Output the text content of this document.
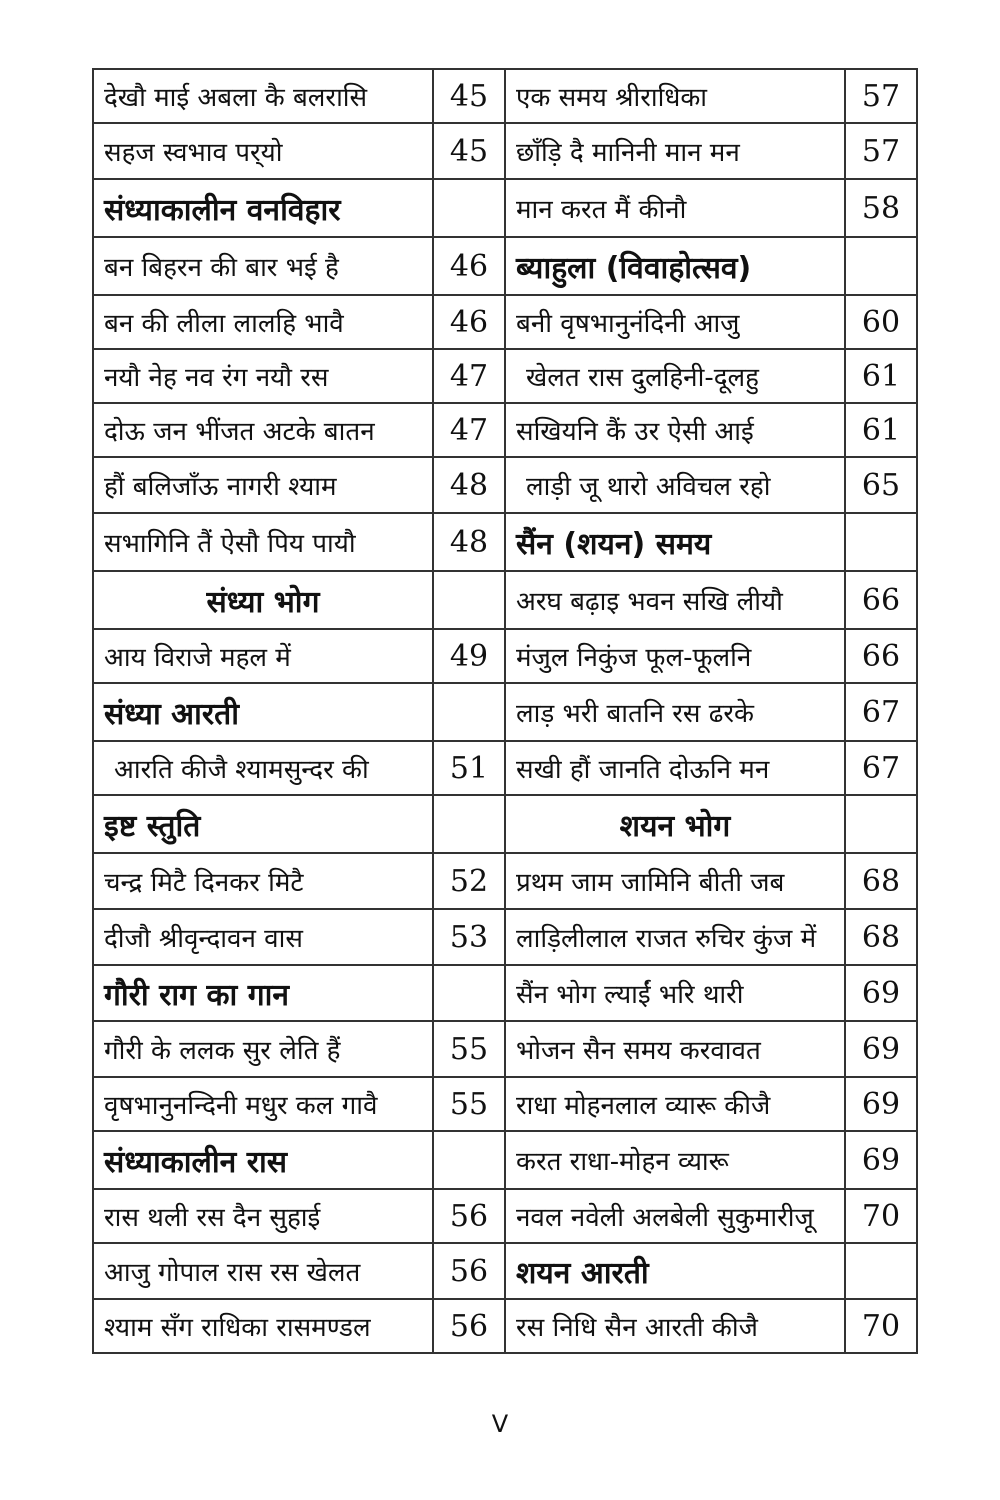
देखौ माई अबला कै बलरासि	45	एक समय श्रीराधिका	57
सहज स्वभाव पर्‌यो	45	छाँड़ि दै मानिनी मान मन	57
संध्याकालीन वनविहार		मान करत मैं कीनौ	58
बन बिहरन की बार भई है	46	ब्याहुला (विवाहोत्सव)	
बन की लीला लालहि भावै	46	बनी वृषभानुनंदिनी आजु	60
नयौ नेह नव रंग नयौ रस	47	खेलत रास दुलहिनी-दूलहु	61
दोऊ जन भींजत अटके बातन	47	सखियनि कैं उर ऐसी आई	61
हौं बलिजाँऊ नागरी श्याम	48	लाड़ी जू थारो अविचल रहो	65
सभागिनि तैं ऐसौ पिय पायौ	48	सैंन (शयन) समय	
संध्या भोग		अरघ बढ़ाइ भवन सखि लीयौ	66
आय विराजे महल में	49	मंजुल निकुंज फूल-फूलनि	66
संध्या आरती		लाड़ भरी बातनि रस ढरके	67
आरति कीजै श्यामसुन्दर की	51	सखी हौं जानति दोऊनि मन	67
इष्ट स्तुति		शयन भोग	
चन्द्र मिटै दिनकर मिटै	52	प्रथम जाम जामिनि बीती जब	68
दीजौ श्रीवृन्दावन वास	53	लाड़िलीलाल राजत रुचिर कुंज में	68
गौरी राग का गान		सैंन भोग ल्याईं भरि थारी	69
गौरी के ललक सुर लेति हैं	55	भोजन सैन समय करवावत	69
वृषभानुनन्दिनी मधुर कल गावै	55	राधा मोहनलाल व्यारू कीजै	69
संध्याकालीन रास		करत राधा-मोहन व्यारू	69
रास थली रस दैन सुहाई	56	नवल नवेली अलबेली सुकुमारीजू	70
आजु गोपाल रास रस खेलत	56	शयन आरती	
श्याम सँग राधिका रासमण्डल	56	रस निधि सैन आरती कीजै	70
V
